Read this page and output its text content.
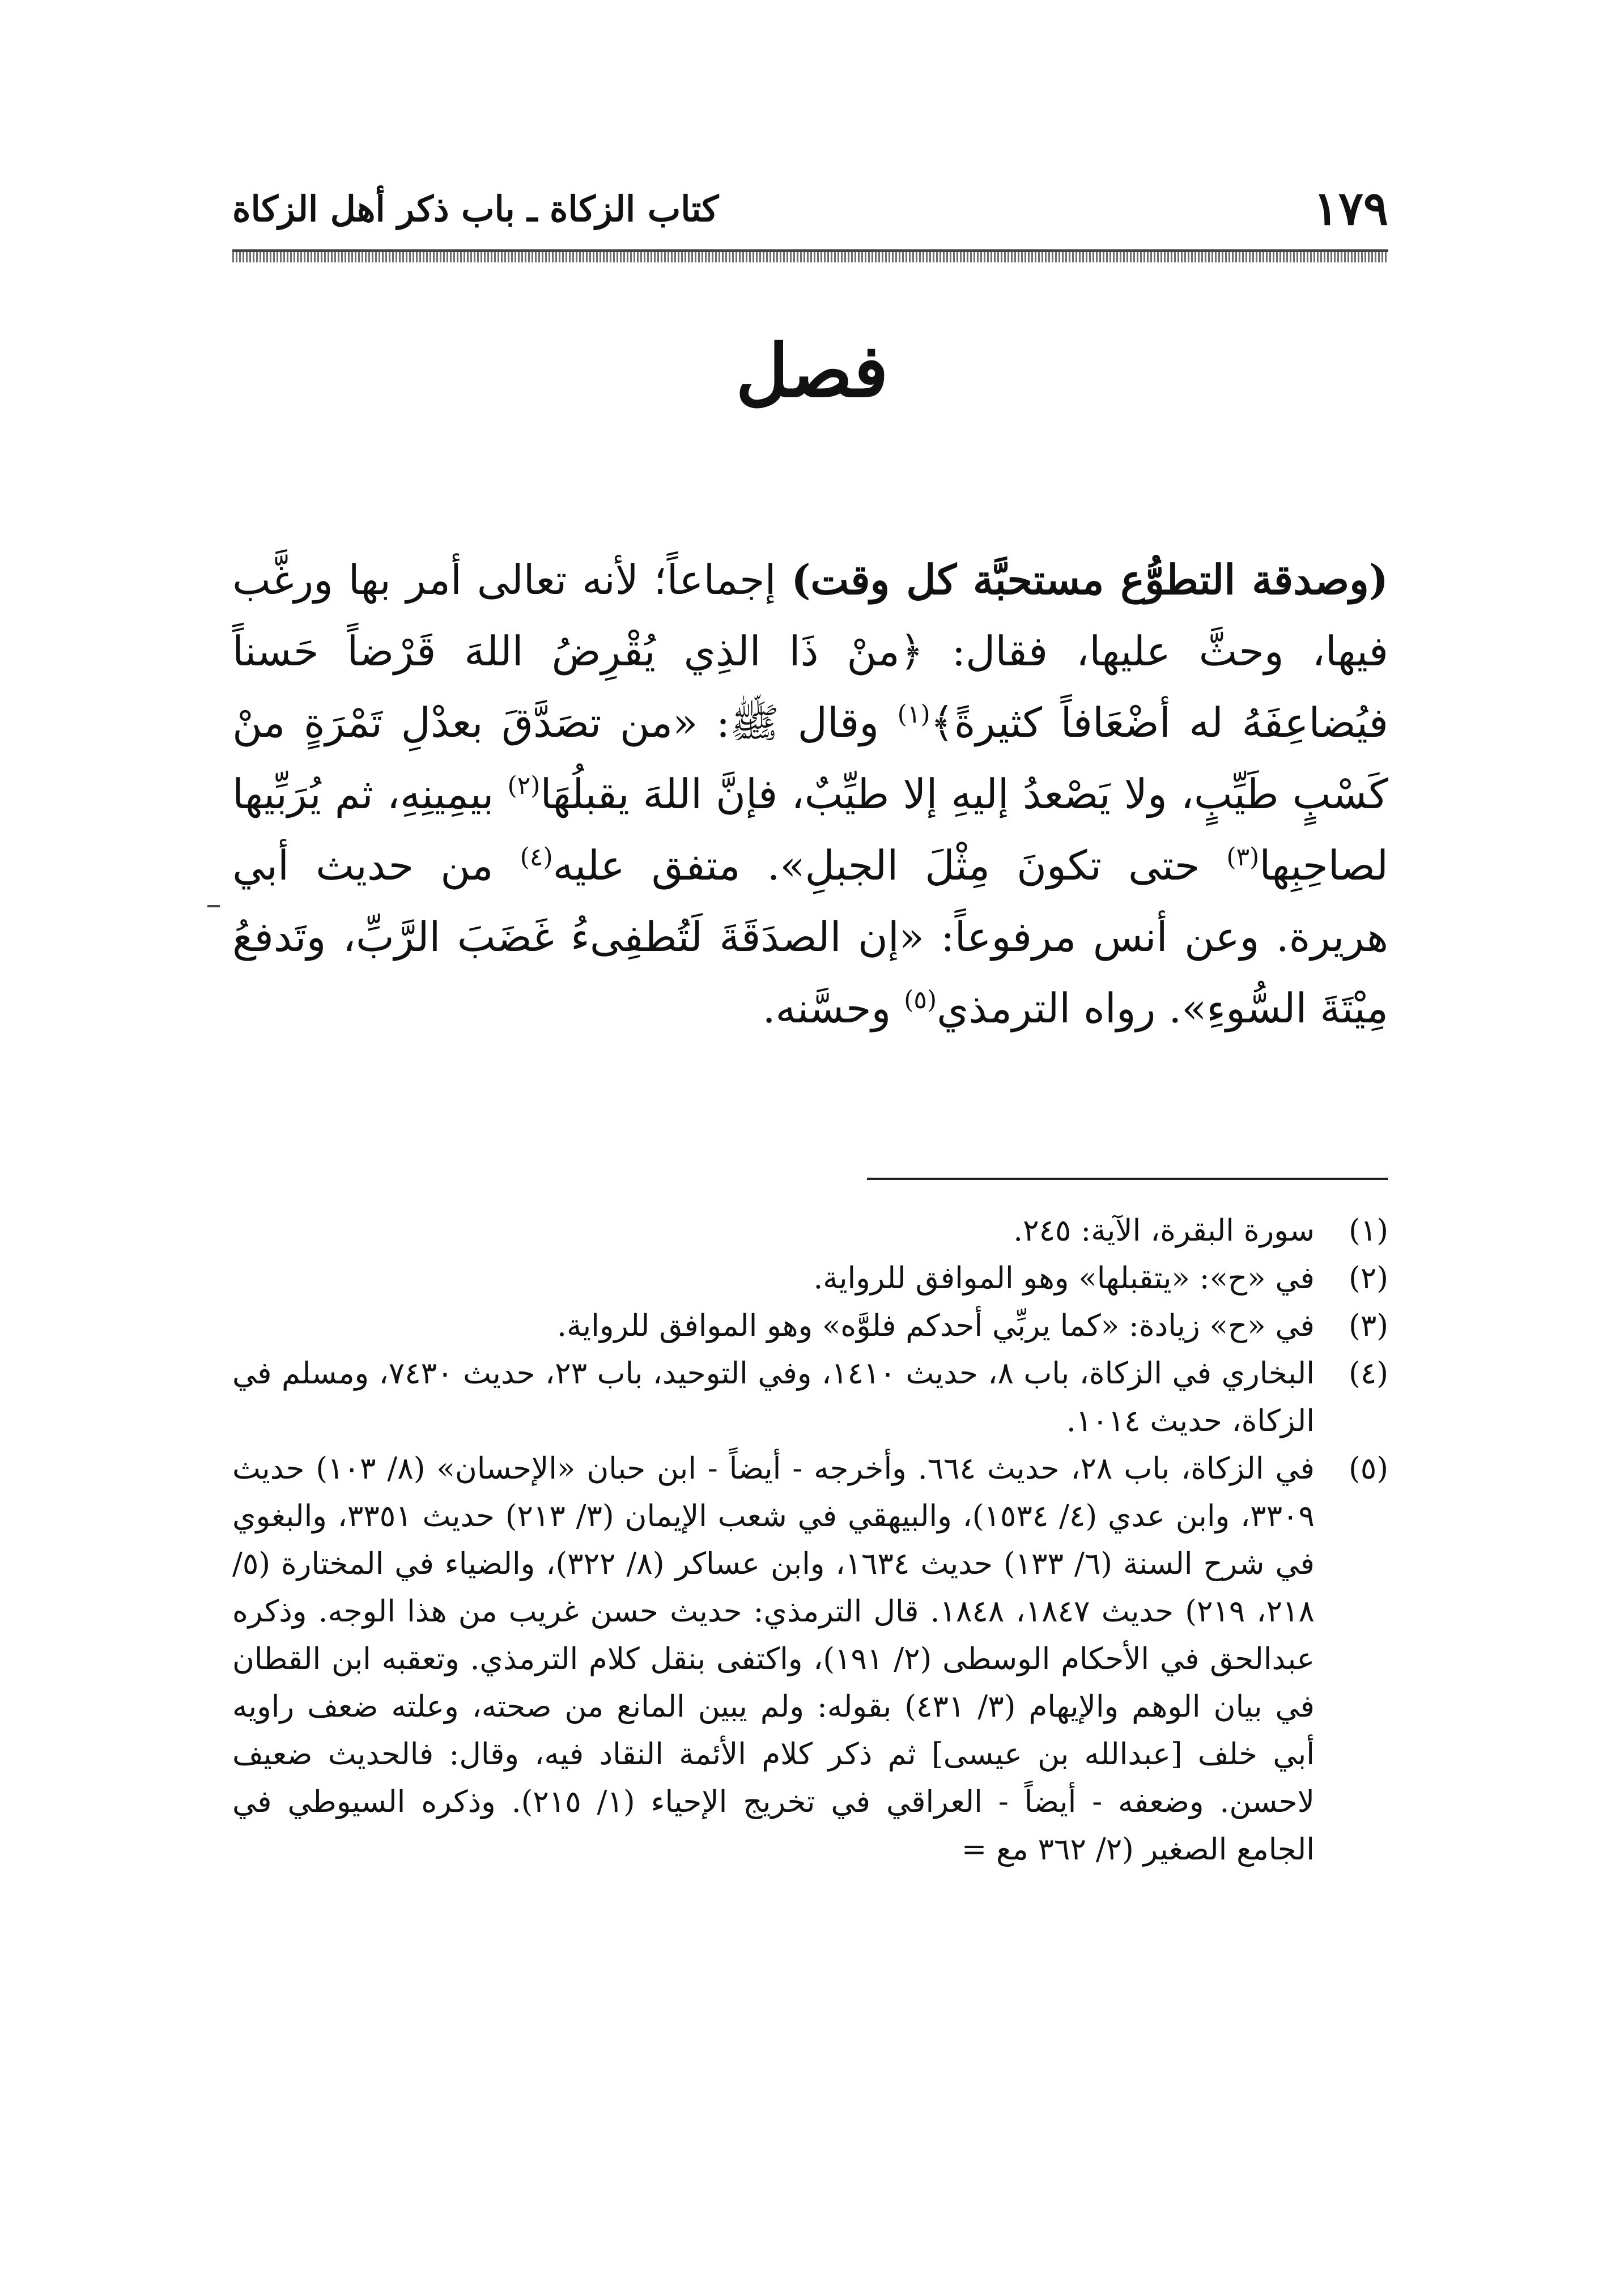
١٧٩
كتاب الزكاة ـ باب ذكر أهل الزكاة
فصل
(وصدقة التطوُّع مستحبَّة كل وقت) إجماعاً؛ لأنه تعالى أمر بها ورغَّب فيها، وحثَّ عليها، فقال: ﴿منْ ذَا الذِي يُقْرِضُ اللهَ قَرْضاً حَسناً فيُضاعِفَهُ له أضْعَافاً كثيرةً﴾$^{(١)}$ وقال ﷺ: «من تصَدَّقَ بعدْلِ تَمْرَةٍ منْ كَسْبٍ طَيِّبٍ، ولا يَصْعدُ إليهِ إلا طيِّبٌ، فإنَّ اللهَ يقبلُهَا$^{(٢)}$ بيمِينِهِ، ثم يُرَبِّيها لصاحِبِها$^{(٣)}$ حتى تكونَ مِثْلَ الجبلِ». متفق عليه$^{(٤)}$ من حديث أبي هريرة. وعن أنس مرفوعاً: «إن الصدَقَةَ لَتُطفِىءُ غَضَبَ الرَّبِّ، وتَدفعُ مِيْتَةَ السُّوءِ». رواه الترمذي$^{(٥)}$ وحسَّنه.
(١)
سورة البقرة، الآية: ٢٤٥.
(٢)
في «ح»: «يتقبلها» وهو الموافق للرواية.
(٣)
في «ح» زيادة: «كما يربِّي أحدكم فلوَّه» وهو الموافق للرواية.
(٤)
البخاري في الزكاة، باب ٨، حديث ١٤١٠، وفي التوحيد، باب ٢٣، حديث ٧٤٣٠، ومسلم في الزكاة، حديث ١٠١٤.
(٥)
في الزكاة، باب ٢٨، حديث ٦٦٤. وأخرجه - أيضاً - ابن حبان «الإحسان» (٨/ ١٠٣) حديث ٣٣٠٩، وابن عدي (٤/ ١٥٣٤)، والبيهقي في شعب الإيمان (٣/ ٢١٣) حديث ٣٣٥١، والبغوي في شرح السنة (٦/ ١٣٣) حديث ١٦٣٤، وابن عساكر (٨/ ٣٢٢)، والضياء في المختارة (٥/ ٢١٨، ٢١٩) حديث ١٨٤٧، ١٨٤٨. قال الترمذي: حديث حسن غريب من هذا الوجه. وذكره عبدالحق في الأحكام الوسطى (٢/ ١٩١)، واكتفى بنقل كلام الترمذي. وتعقبه ابن القطان في بيان الوهم والإيهام (٣/ ٤٣١) بقوله: ولم يبين المانع من صحته، وعلته ضعف راويه أبي خلف [عبدالله بن عيسى] ثم ذكر كلام الأئمة النقاد فيه، وقال: فالحديث ضعيف لاحسن. وضعفه - أيضاً - العراقي في تخريج الإحياء (١/ ٢١٥). وذكره السيوطي في الجامع الصغير (٢/ ٣٦٢ مع =
